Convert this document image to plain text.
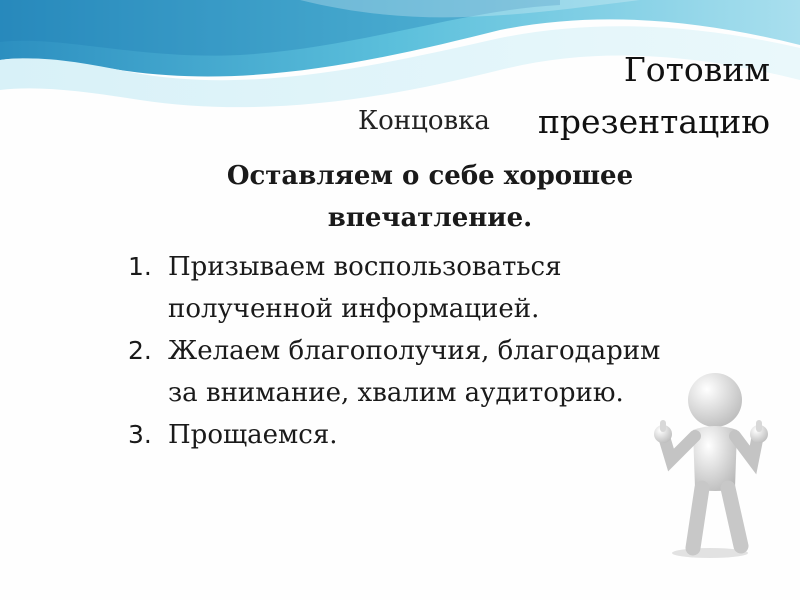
Готовим презентацию
Концовка
Оставляем о себе хорошее впечатление.
1. Призываем воспользоваться полученной информацией.
2. Желаем благополучия, благодарим за внимание, хвалим аудиторию.
3. Прощаемся.
